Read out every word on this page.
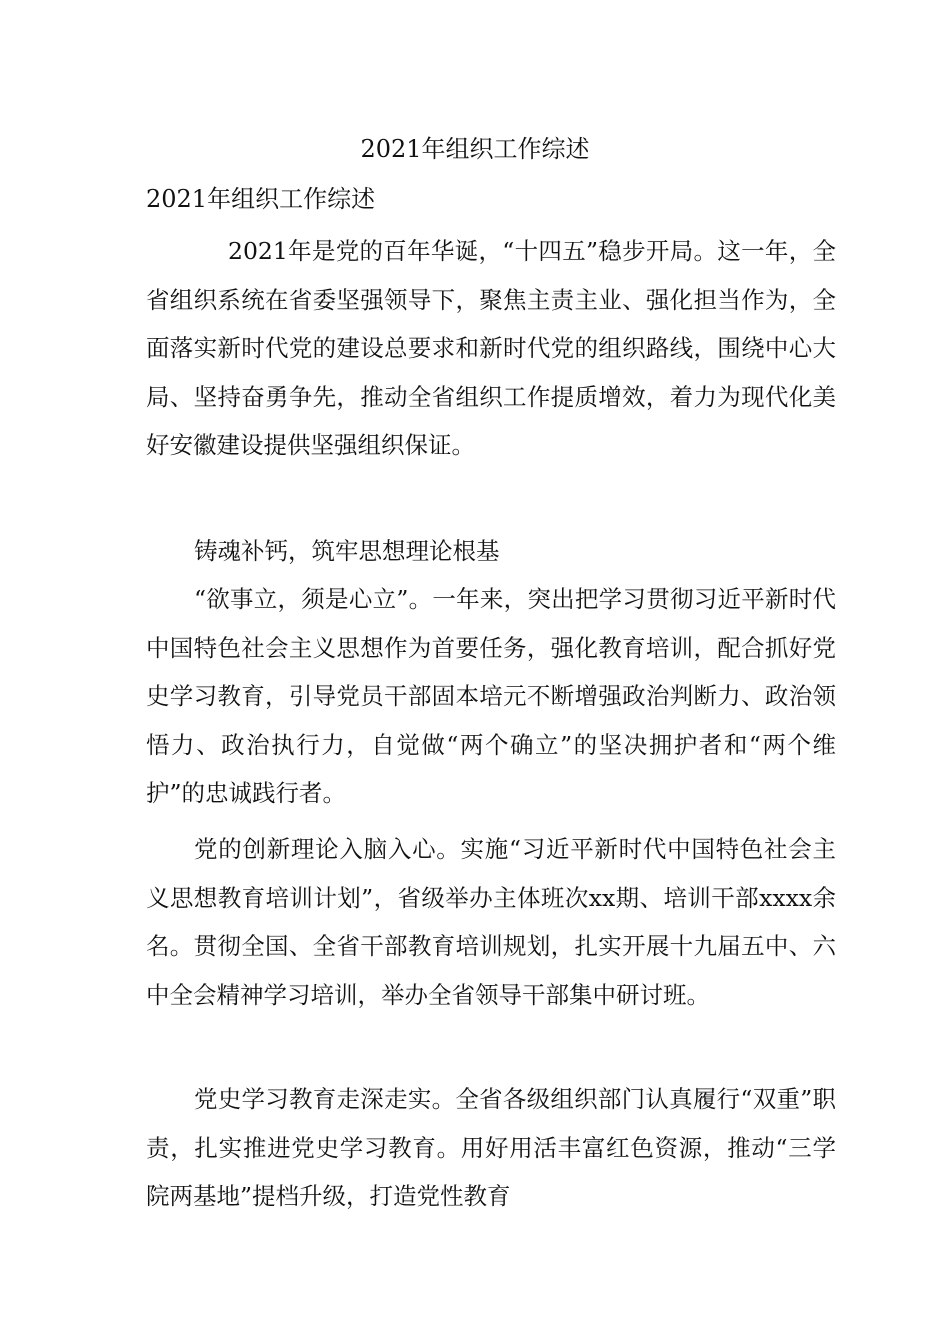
2021年组织工作综述
2021年组织工作综述

2021年是党的百年华诞，“十四五”稳步开局。这一年，全省组织系统在省委坚强领导下，聚焦主责主业、强化担当作为，全面落实新时代党的建设总要求和新时代党的组织路线，围绕中心大局、坚持奋勇争先，推动全省组织工作提质增效，着力为现代化美好安徽建设提供坚强组织保证。

铸魂补钙，筑牢思想理论根基

“欲事立，须是心立”。一年来，突出把学习贯彻习近平新时代中国特色社会主义思想作为首要任务，强化教育培训，配合抓好党史学习教育，引导党员干部固本培元不断增强政治判断力、政治领悟力、政治执行力，自觉做“两个确立”的坚决拥护者和“两个维护”的忠诚践行者。

党的创新理论入脑入心。实施“习近平新时代中国特色社会主义思想教育培训计划”，省级举办主体班次xx期、培训干部xxxx余名。贯彻全国、全省干部教育培训规划，扎实开展十九届五中、六中全会精神学习培训，举办全省领导干部集中研讨班。

党史学习教育走深走实。全省各级组织部门认真履行“双重”职责，扎实推进党史学习教育。用好用活丰富红色资源，推动“三学院两基地”提档升级，打造党性教育
